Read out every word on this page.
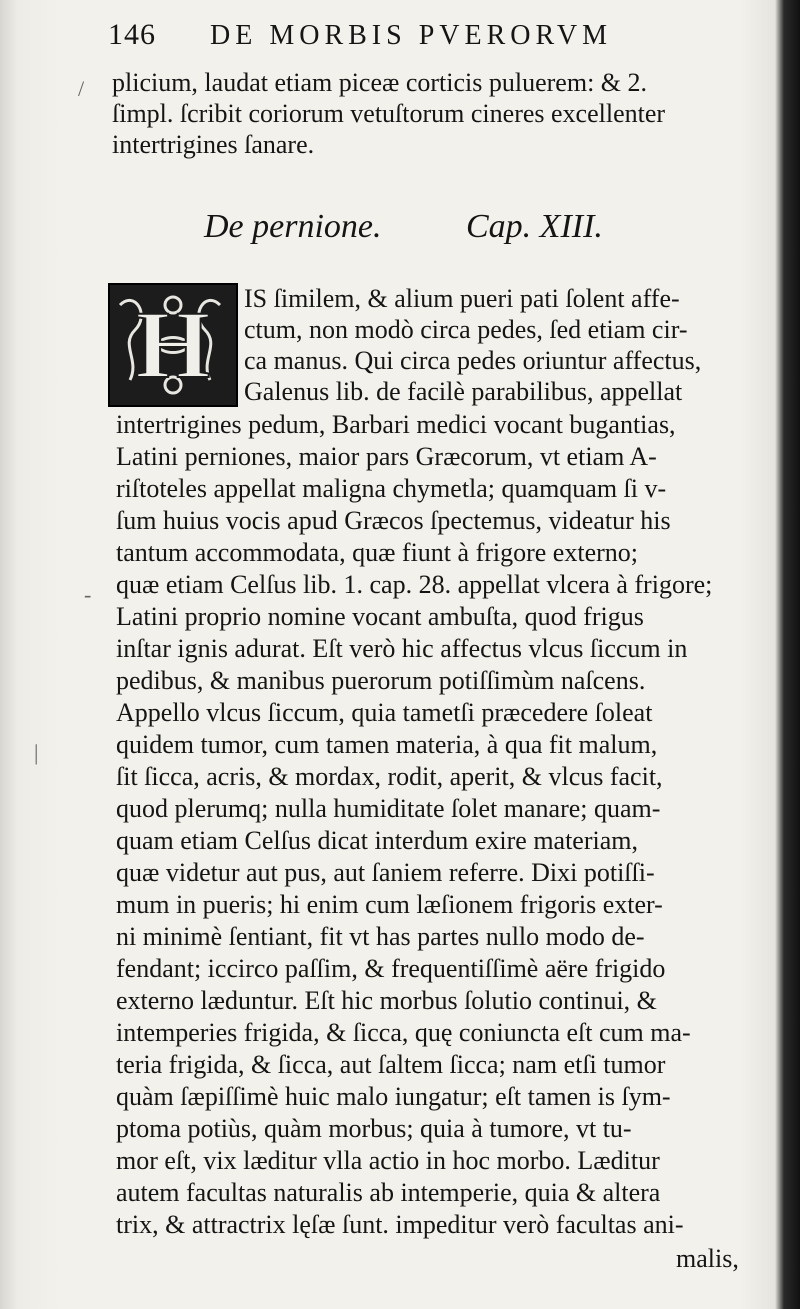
146 DE MORBIS PVERORVM
plicium, laudat etiam piceæ corticis puluerem: & 2.
ſimpl. ſcribit coriorum vetuſtorum cineres excellenter
intertrigines ſanare.
De pernione. Cap. XIII.
H IS ſimilem, & alium pueri pati ſolent affe-
ctum, non modò circa pedes, ſed etiam cir-
ca manus. Qui circa pedes oriuntur affectus,
Galenus lib. de facilè parabilibus, appellat
intertrigines pedum, Barbari medici vocant bugantias,
Latini perniones, maior pars Græcorum, vt etiam A-
riſtoteles appellat maligna chymetla; quamquam ſi v-
ſum huius vocis apud Græcos ſpectemus, videatur his
tantum accommodata, quæ fiunt à frigore externo;
quæ etiam Celſus lib. 1. cap. 28. appellat vlcera à frigore;
Latini proprio nomine vocant ambuſta, quod frigus
inſtar ignis adurat. Eſt verò hic affectus vlcus ſiccum in
pedibus, & manibus puerorum potiſſimùm naſcens.
Appello vlcus ſiccum, quia tametſi præcedere ſoleat
quidem tumor, cum tamen materia, à qua fit malum,
ſit ſicca, acris, & mordax, rodit, aperit, & vlcus facit,
quod plerumq; nulla humiditate ſolet manare; quam-
quam etiam Celſus dicat interdum exire materiam,
quæ videtur aut pus, aut ſaniem referre. Dixi potiſſi-
mum in pueris; hi enim cum læſionem frigoris exter-
ni minimè ſentiant, fit vt has partes nullo modo de-
fendant; iccirco paſſim, & frequentiſſimè aëre frigido
externo læduntur. Eſt hic morbus ſolutio continui, &
intemperies frigida, & ſicca, quę coniuncta eſt cum ma-
teria frigida, & ſicca, aut ſaltem ſicca; nam etſi tumor
quàm ſæpiſſimè huic malo iungatur; eſt tamen is ſym-
ptoma potiùs, quàm morbus; quia à tumore, vt tu-
mor eſt, vix læditur vlla actio in hoc morbo. Læditur
autem facultas naturalis ab intemperie, quia & altera
trix, & attractrix lęſæ ſunt. impeditur verò facultas ani-
malis,
/
-
|
